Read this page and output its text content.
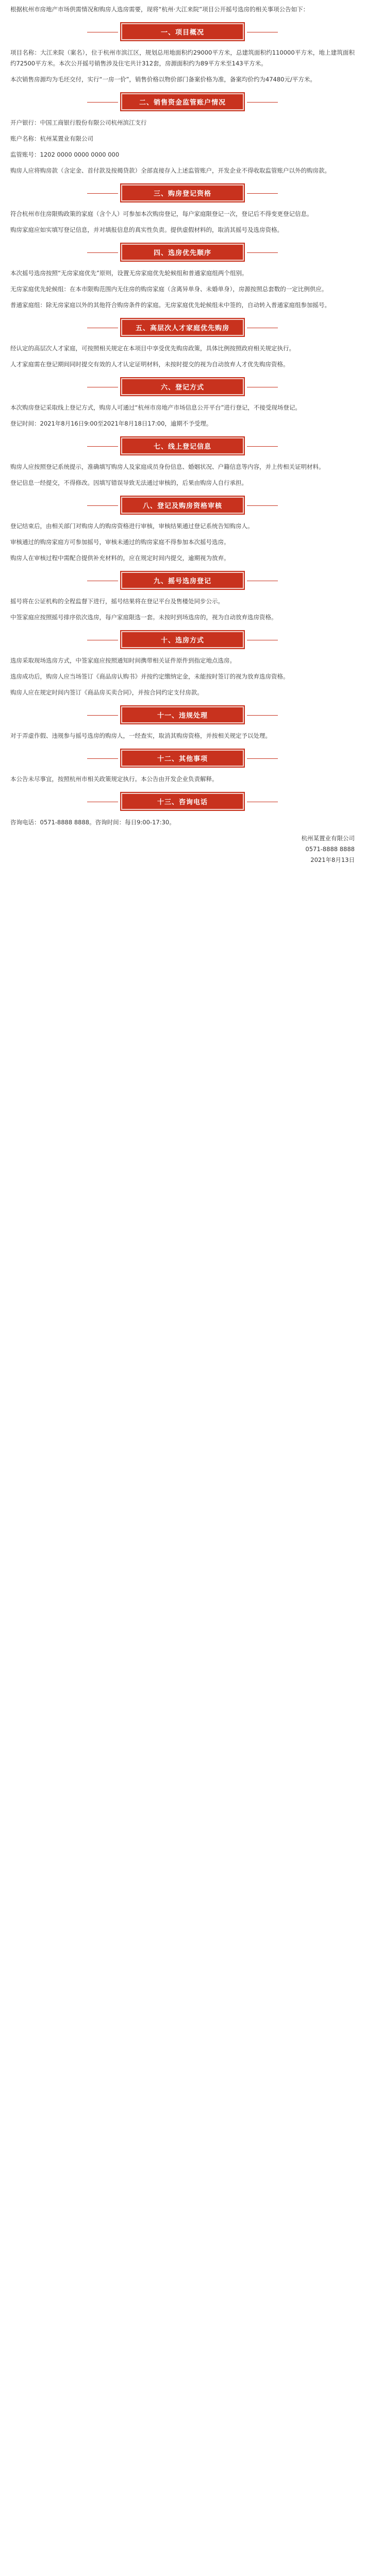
根据杭州市房地产市场供需情况和购房人选房需要，现将“杭州·大江来院”项目公开摇号选房的相关事项公告如下：

一、项目概况

项目名称：大江来院（案名），位于杭州市滨江区，规划总用地面积约29000平方米，总建筑面积约110000平方米，地上建筑面积约72500平方米。本次公开摇号销售涉及住宅共计312套，房源面积约为89平方米至143平方米。

本次销售房源均为毛坯交付，实行“一房一价”，销售价格以物价部门备案价格为准，备案均价约为47480元/平方米。

二、销售资金监管账户情况

开户银行：中国工商银行股份有限公司杭州滨江支行

账户名称：杭州某置业有限公司

监管账号：1202 0000 0000 0000 000

购房人应将购房款（含定金、首付款及按揭贷款）全部直接存入上述监管账户，开发企业不得收取监管账户以外的购房款。

三、购房登记资格

符合杭州市住房限购政策的家庭（含个人）可参加本次购房登记，每户家庭限登记一次，登记后不得变更登记信息。

购房家庭应如实填写登记信息，并对填报信息的真实性负责。提供虚假材料的，取消其摇号及选房资格。

四、选房优先顺序

本次摇号选房按照“无房家庭优先”原则，设置无房家庭优先轮候组和普通家庭组两个组别。

无房家庭优先轮候组：在本市限购范围内无住房的购房家庭（含离异单身、未婚单身），房源按照总套数的一定比例供应。

普通家庭组：除无房家庭以外的其他符合购房条件的家庭。无房家庭优先轮候组未中签的，自动转入普通家庭组参加摇号。

五、高层次人才家庭优先购房

经认定的高层次人才家庭，可按照相关规定在本项目中享受优先购房政策，具体比例按照政府相关规定执行。

人才家庭需在登记期间同时提交有效的人才认定证明材料，未按时提交的视为自动放弃人才优先购房资格。

六、登记方式

本次购房登记采取线上登记方式，购房人可通过“杭州市房地产市场信息公开平台”进行登记，不接受现场登记。

登记时间：2021年8月16日9:00至2021年8月18日17:00，逾期不予受理。

七、线上登记信息

购房人应按照登记系统提示，准确填写购房人及家庭成员身份信息、婚姻状况、户籍信息等内容，并上传相关证明材料。

登记信息一经提交，不得修改。因填写错误导致无法通过审核的，后果由购房人自行承担。

八、登记及购房资格审核

登记结束后，由相关部门对购房人的购房资格进行审核，审核结果通过登记系统告知购房人。

审核通过的购房家庭方可参加摇号，审核未通过的购房家庭不得参加本次摇号选房。

购房人在审核过程中需配合提供补充材料的，应在规定时间内提交，逾期视为放弃。

九、摇号选房登记

摇号将在公证机构的全程监督下进行，摇号结果将在登记平台及售楼处同步公示。

中签家庭应按照摇号排序依次选房，每户家庭限选一套。未按时到场选房的，视为自动放弃选房资格。

十、选房方式

选房采取现场选房方式，中签家庭应按照通知时间携带相关证件原件到指定地点选房。

选房成功后，购房人应当场签订《商品房认购书》并按约定缴纳定金，未能按时签订的视为放弃选房资格。

购房人应在规定时间内签订《商品房买卖合同》，并按合同约定支付房款。

十一、违规处理

对于弄虚作假、违规参与摇号选房的购房人，一经查实，取消其购房资格，并按相关规定予以处理。

十二、其他事项

本公告未尽事宜，按照杭州市相关政策规定执行。本公告由开发企业负责解释。

十三、咨询电话

咨询电话：0571-8888 8888。咨询时间：每日9:00-17:30。

杭州某置业有限公司
0571-8888 8888
2021年8月13日
